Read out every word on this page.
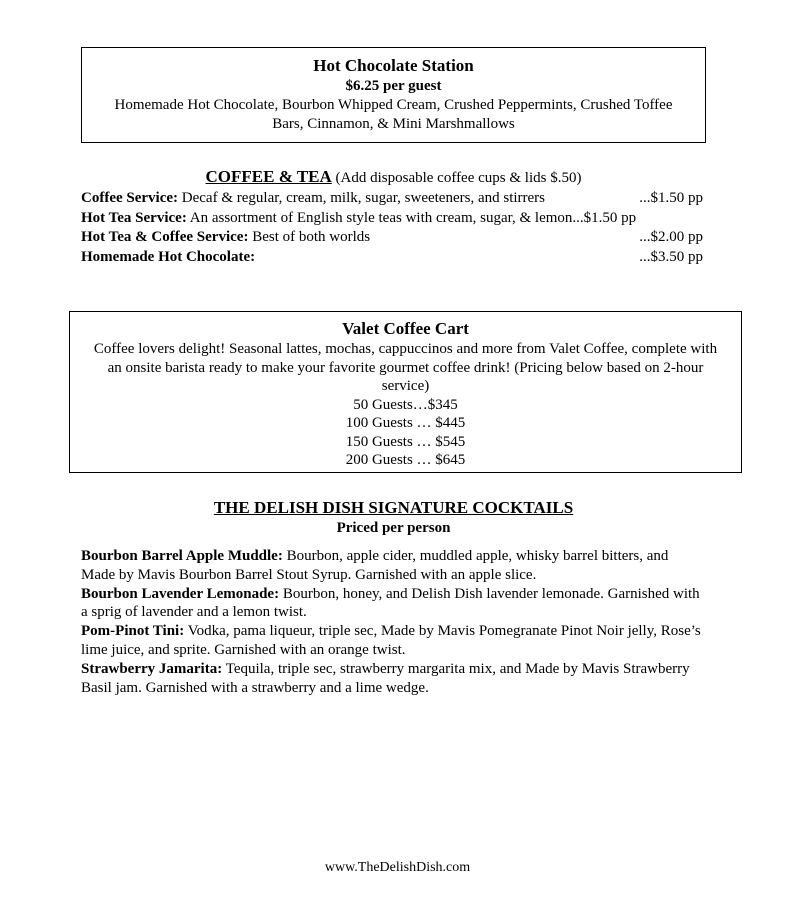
Hot Chocolate Station
$6.25 per guest
Homemade Hot Chocolate, Bourbon Whipped Cream, Crushed Peppermints, Crushed Toffee Bars, Cinnamon, & Mini Marshmallows
COFFEE & TEA (Add disposable coffee cups & lids $.50)
Coffee Service: Decaf & regular, cream, milk, sugar, sweeteners, and stirrers	...$1.50 pp
Hot Tea Service: An assortment of English style teas with cream, sugar, & lemon...$1.50 pp
Hot Tea & Coffee Service: Best of both worlds	...$2.00 pp
Homemade Hot Chocolate:	...$3.50 pp
Valet Coffee Cart
Coffee lovers delight! Seasonal lattes, mochas, cappuccinos and more from Valet Coffee, complete with an onsite barista ready to make your favorite gourmet coffee drink! (Pricing below based on 2-hour service)
50 Guests…$345
100 Guests … $445
150 Guests … $545
200 Guests … $645
THE DELISH DISH SIGNATURE COCKTAILS
Priced per person
Bourbon Barrel Apple Muddle: Bourbon, apple cider, muddled apple, whisky barrel bitters, and Made by Mavis Bourbon Barrel Stout Syrup. Garnished with an apple slice.
Bourbon Lavender Lemonade: Bourbon, honey, and Delish Dish lavender lemonade. Garnished with a sprig of lavender and a lemon twist.
Pom-Pinot Tini: Vodka, pama liqueur, triple sec, Made by Mavis Pomegranate Pinot Noir jelly, Rose’s lime juice, and sprite. Garnished with an orange twist.
Strawberry Jamarita: Tequila, triple sec, strawberry margarita mix, and Made by Mavis Strawberry Basil jam. Garnished with a strawberry and a lime wedge.
www.TheDelishDish.com
